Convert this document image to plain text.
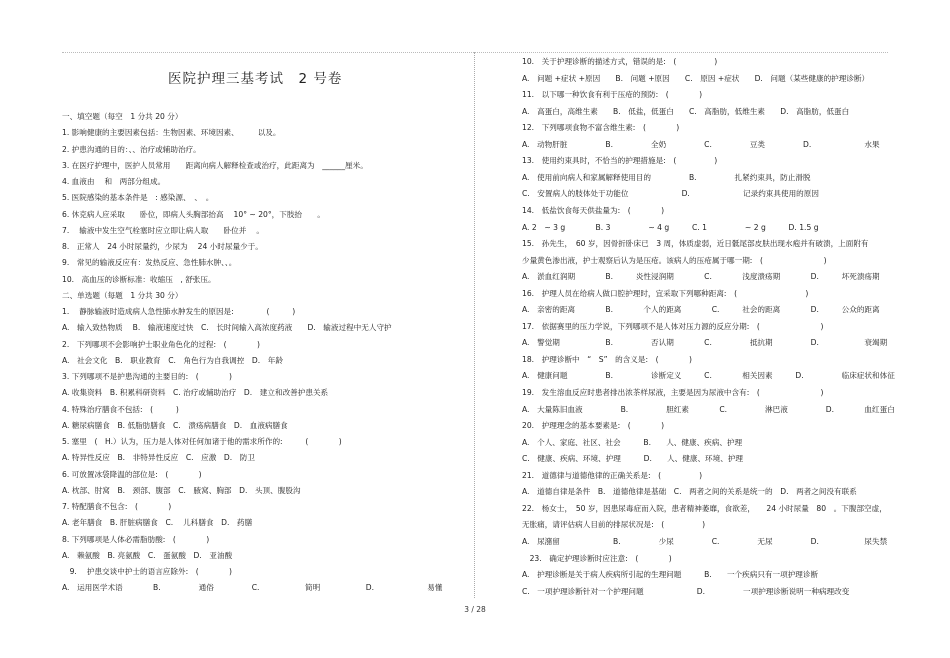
医院护理三基考试　2 号卷
一、填空题（每空　1 分共 20 分）
1. 影响健康的主要因素包括：生物因素、环境因素、　　　以及。
2. 护患沟通的目的：、、治疗或辅助治疗。
3. 在医疗护理中，医护人员常用　　距离向病人解释检查或治疗，此距离为　______厘米。
4. 血液由　 和　两部分组成。
5. 医院感染的基本条件是　: 感染源、　、　。
6. 休克病人应采取　　卧位，即病人头胸部抬高　 10° ~ 20°，下肢抬　　。
7.　 输液中发生空气栓塞时应立即让病人取　　卧位并　 。
8.　正常人　24 小时尿量约，少尿为　 24 小时尿量少于。
9.　常见的输液反应有：发热反应、急性肺水肿、、。
10.　高血压的诊断标准：收缩压　, 舒张压。
二、单选题（每题　1 分共 30 分）
1.　 静脉输液时造成病人急性肺水肿发生的原因是:　　　　 (　　　)
A.　输入致热物质　 B.　输液速度过快　C.　长时间输入高浓度药液　　D.　输液过程中无人守护
2.　下列哪项不会影响护士职业角色化的过程:　(　　　　)
A.　社会文化　B.　职业教育　C.　角色行为自我调控　D.　年龄
3. 下列哪项不是护患沟通的主要目的:　(　　　　)
A. 收集资料　B. 积累科研资料　C. 治疗或辅助治疗　D.　建立和改善护患关系
4. 特殊治疗膳食不包括:　(　　　)
A. 糖尿病膳食　B. 低脂肪膳食　C.　溃疡病膳食　D.　血液病膳食
5. 塞里　(　H.）认为，压力是人体对任何加诸于他的需求所作的:　　　(　　　　)
A. 特异性反应　B.　非特异性反应　C.　应激　D.　防卫
6. 可放置冰袋降温的部位是:　(　　　　)
A. 枕部、肘窝　B.　颈部、腹部　C.　腋窝、胸部　D.　头顶、腹股沟
7. 特配膳食不包含:　(　　　　)
A. 老年膳食　B. 肝脏病膳食　C.　 儿科膳食　D.　药膳
8. 下列哪项是人体必需脂肪酸:　(　　　　)
A.　赖氨酸　B. 亮氨酸　C.　蛋氨酸　D.　亚油酸
　9.　 护患交谈中护士的语言应除外:　(　　　　)
A.　运用医学术语　　　　B.　　　　　通俗　　　　　C.　　　　　　简明　　　　　　D.　　　　　　　易懂
10.　关于护理诊断的描述方式，错误的是:　(　　　　　)
A.　问题 +症状 +原因　　B.　问题 +原因　　C.　原因 +症状　　D.　问题（某些健康的护理诊断）
11.　以下哪一种饮食有利于压疮的预防:　(　　　　)
A.　高蛋白，高维生素　　B.　低盐，低蛋白　　C.　高脂肪，低维生素　　D.　高脂肪，低蛋白
12.　下列哪项食物不富含维生素:　(　　　　)
A.　动物肝脏　　　　　B.　　　　　全奶　　　　　C.　　　　　豆类　　　　　D.　　　　　　　水果
13.　使用约束具时，不恰当的护理措施是:　(　　　　　)
A.　使用前向病人和家属解释使用目的　　　　　B.　　　　　扎紧约束具，防止滑脱
C.　安置病人的肢体处于功能位　　　　　　　D.　　　　　　　记录约束具使用的原因
14.　低盐饮食每天供盐量为:　(　　　　)
A. 2　~ 3 g　　　　B. 3　　　　　~ 4 g　　　C. 1　　　　　~ 2 g　　　D. 1.5 g
15.　孙先生，　60 岁，因骨折卧床已　3 周，体质虚弱，近日骶尾部皮肤出现水疱并有破溃，上面附有
少量黄色渗出液，护士观察后认为是压疮。该病人的压疮属于哪一期:　(　　　　　　　　)
A.　淤血红润期　　　　B.　　　炎性浸润期　　　　C.　　　　浅度溃疡期　　　　D.　　　坏死溃疡期
16.　护理人员在给病人做口腔护理时，宜采取下列哪种距离:　(　　　　　　　　　)
A.　亲密的距离　　　　B.　　　　个人的距离　　　　C.　　　社会的距离　　　　D.　　　公众的距离
17.　依据赛里的压力学说，下列哪项不是人体对压力源的反应分期:　(　　　　　　　　)
A.　警觉期　　　　　　B.　　　　　否认期　　　　C.　　　　　抵抗期　　　　　D.　　　　　　衰竭期
18.　护理诊断中　“　S”　的含义是:　(　　　　)
A.　健康问题　　　　　B.　　　　　诊断定义　　　C.　　　　相关因素　　　D.　　　　　临床症状和体征
19.　发生溶血反应时患者排出浓茶样尿液，主要是因为尿液中含有:　(　　　　　　　　)
A.　大量陈旧血液　　　　　B.　　　　　胆红素　　　　C.　　　　　淋巴液　　　　　D.　　　　血红蛋白
20.　护理理念的基本要素是:　(　　　　)
A.　个人、家庭、社区、社会　　　B.　　人、健康、疾病、护理
C.　健康、疾病、环境、护理　　　D.　　人、健康、环境、护理
21.　道德律与道德他律的正确关系是:　(　　　　　)
A.　道德自律是条件　B.　道德他律是基础　C.　两者之间的关系是统一的　D.　两者之间没有联系
22.　杨女士，　50 岁，因患尿毒症而入院，患者精神萎靡，食欲差，　　24 小时尿量　80　。下腹部空虚，
无胀痛，请评估病人目前的排尿状况是:　(　　　　　)
A.　尿潴留　　　　　　　B.　　　　　少尿　　　　　C.　　　　　无尿　　　　　D.　　　　　　尿失禁
　23.　确定护理诊断时应注意:　(　　　　)
A.　护理诊断是关于病人疾病所引起的生理问题　　　B.　　一个疾病只有一项护理诊断
C.　一项护理诊断针对一个护理问题　　　　　　　D.　　　　　一项护理诊断说明一种病理改变
3 / 28
